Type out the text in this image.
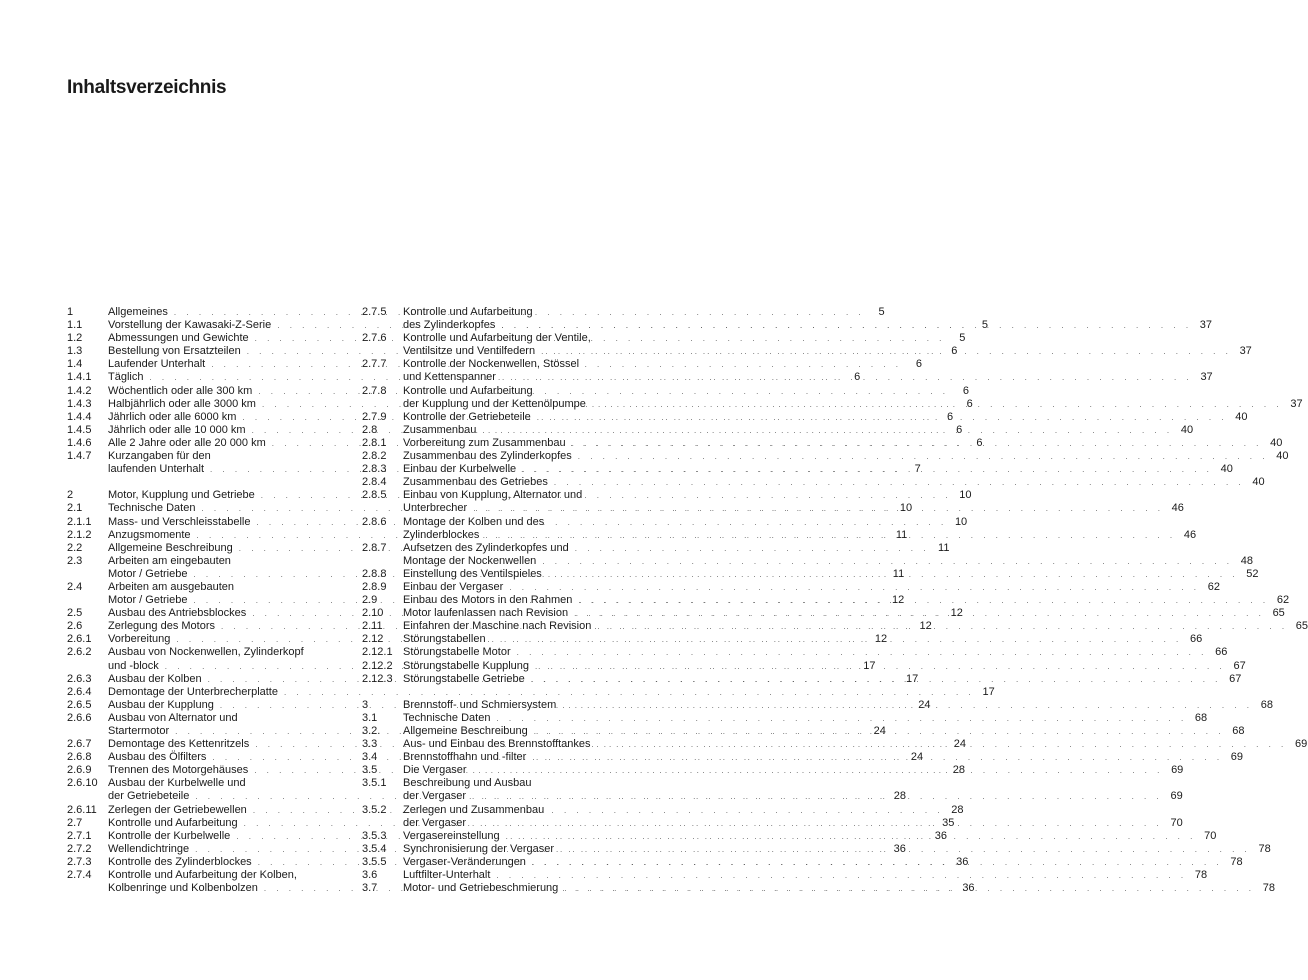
Inhaltsverzeichnis
1	Allgemeines . . .	5
1.1	Vorstellung der Kawasaki-Z-Serie . . .	5
1.2	Abmessungen und Gewichte . . .	5
1.3	Bestellung von Ersatzteilen . . .	6
1.4	Laufender Unterhalt . . .	6
1.4.1	Täglich . . .	6
1.4.2	Wöchentlich oder alle 300 km . . .	6
1.4.3	Halbjährlich oder alle 3000 km . . .	6
1.4.4	Jährlich oder alle 6000 km . . .	6
1.4.5	Jährlich oder alle 10 000 km . . .	6
1.4.6	Alle 2 Jahre oder alle 20 000 km . . .	6
1.4.7	Kurzangaben für den
laufenden Unterhalt . . .	7
2	Motor, Kupplung und Getriebe . . .	10
2.1	Technische Daten . . .	10
2.1.1	Mass- und Verschleisstabelle . . .	10
2.1.2	Anzugsmomente . . .	11
2.2	Allgemeine Beschreibung . . .	11
2.3	Arbeiten am eingebauten
Motor / Getriebe . . .	11
2.4	Arbeiten am ausgebauten
Motor / Getriebe . . .	12
2.5	Ausbau des Antriebsblockes . . .	12
2.6	Zerlegung des Motors . . .	12
2.6.1	Vorbereitung . . .	12
2.6.2	Ausbau von Nockenwellen, Zylinderkopf
und -block . . .	17
2.6.3	Ausbau der Kolben . . .	17
2.6.4	Demontage der Unterbrecherplatte . . .	17
2.6.5	Ausbau der Kupplung . . .	24
2.6.6	Ausbau von Alternator und
Startermotor . . .	24
2.6.7	Demontage des Kettenritzels . . .	24
2.6.8	Ausbau des Ölfilters . . .	24
2.6.9	Trennen des Motorgehäuses . . .	28
2.6.10 Ausbau der Kurbelwelle und
der Getriebeteile . . .	28
2.6.11	Zerlegen der Getriebewellen . . .	28
2.7	Kontrolle und Aufarbeitung . . .	35
2.7.1	Kontrolle der Kurbelwelle . . .	36
2.7.2	Wellendichtringe . . .	36
2.7.3	Kontrolle des Zylinderblockes . . .	36
2.7.4	Kontrolle und Aufarbeitung der Kolben,
Kolbenringe und Kolbenbolzen . . .	36
2.7.5	Kontrolle und Aufarbeitung
des Zylinderkopfes . . .	37
2.7.6	Kontrolle und Aufarbeitung der Ventile,
Ventilsitze und Ventilfedern . . .	37
2.7.7	Kontrolle der Nockenwellen, Stössel
und Kettenspanner . . .	37
2.7.8	Kontrolle und Aufarbeitung
der Kupplung und der Kettenölpumpe . . .	37
2.7.9	Kontrolle der Getriebeteile . . .	40
2.8	Zusammenbau . . .	40
2.8.1	Vorbereitung zum Zusammenbau . . .	40
2.8.2	Zusammenbau des Zylinderkopfes . . .	40
2.8.3	Einbau der Kurbelwelle . . .	40
2.8.4	Zusammenbau des Getriebes . . .	40
2.8.5	Einbau von Kupplung, Alternator und
Unterbrecher . . .	46
2.8.6	Montage der Kolben und des
Zylinderblockes . . .	46
2.8.7	Aufsetzen des Zylinderkopfes und
Montage der Nockenwellen . . .	48
2.8.8	Einstellung des Ventilspieles . . .	52
2.8.9	Einbau der Vergaser . . .	62
2.9	Einbau des Motors in den Rahmen . . .	62
2.10	Motor laufenlassen nach Revision . . .	65
2.11	Einfahren der Maschine nach Revision . . .	65
2.12	Störungstabellen . . .	66
2.12.1 Störungstabelle Motor . . .	66
2.12.2 Störungstabelle Kupplung . . .	67
2.12.3 Störungstabelle Getriebe . . .	67
3	Brennstoff- und Schmiersystem . . .	68
3.1	Technische Daten . . .	68
3.2.	Allgemeine Beschreibung . . .	68
3.3	Aus- und Einbau des Brennstofftankes . . .	69
3.4	Brennstoffhahn und -filter . . .	69
3.5	Die Vergaser . . .	69
3.5.1	Beschreibung und Ausbau
der Vergaser . . .	69
3.5.2	Zerlegen und Zusammenbau
der Vergaser . . .	70
3.5.3	Vergasereinstellung . . .	70
3.5.4	Synchronisierung der Vergaser . . .	78
3.5.5	Vergaser-Veränderungen . . .	78
3.6	Luftfilter-Unterhalt . . .	78
3.7	Motor- und Getriebeschmierung . . .	78
